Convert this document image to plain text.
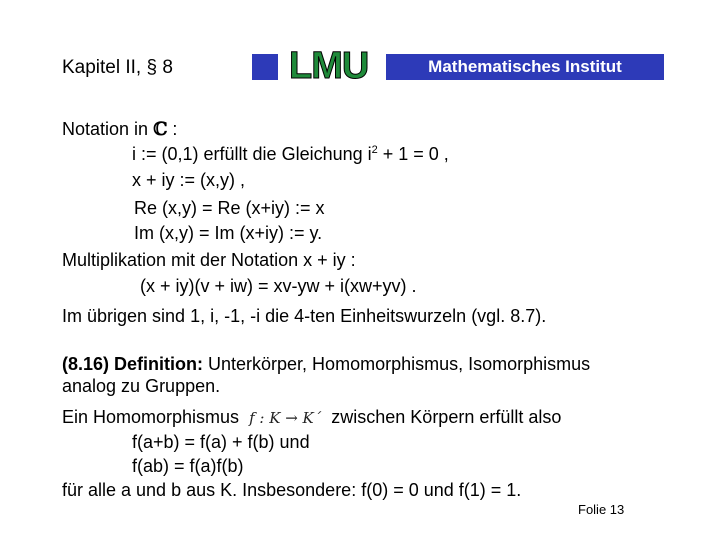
Kapitel II, § 8	LMU	Mathematisches Institut
Notation in ℂ :
i := (0,1) erfüllt die Gleichung $i^2 + 1 = 0$ ,
x + iy := (x,y) ,
Re (x,y) = Re (x+iy) := x
Im (x,y) = Im (x+iy) := y.
Multiplikation mit der Notation x + iy :
(x + iy)(v + iw) = xv-yw + i(xw+yv) .
Im übrigen sind 1, i, -1, -i die 4-ten Einheitswurzeln (vgl. 8.7).
(8.16) Definition: Unterkörper, Homomorphismus, Isomorphismus
analog zu Gruppen.
Ein Homomorphismus f : K → K´ zwischen Körpern erfüllt also
f(a+b) = f(a) + f(b) und
f(ab) = f(a)f(b)
für alle a und b aus K. Insbesondere: f(0) = 0 und f(1) = 1.
Folie 13
